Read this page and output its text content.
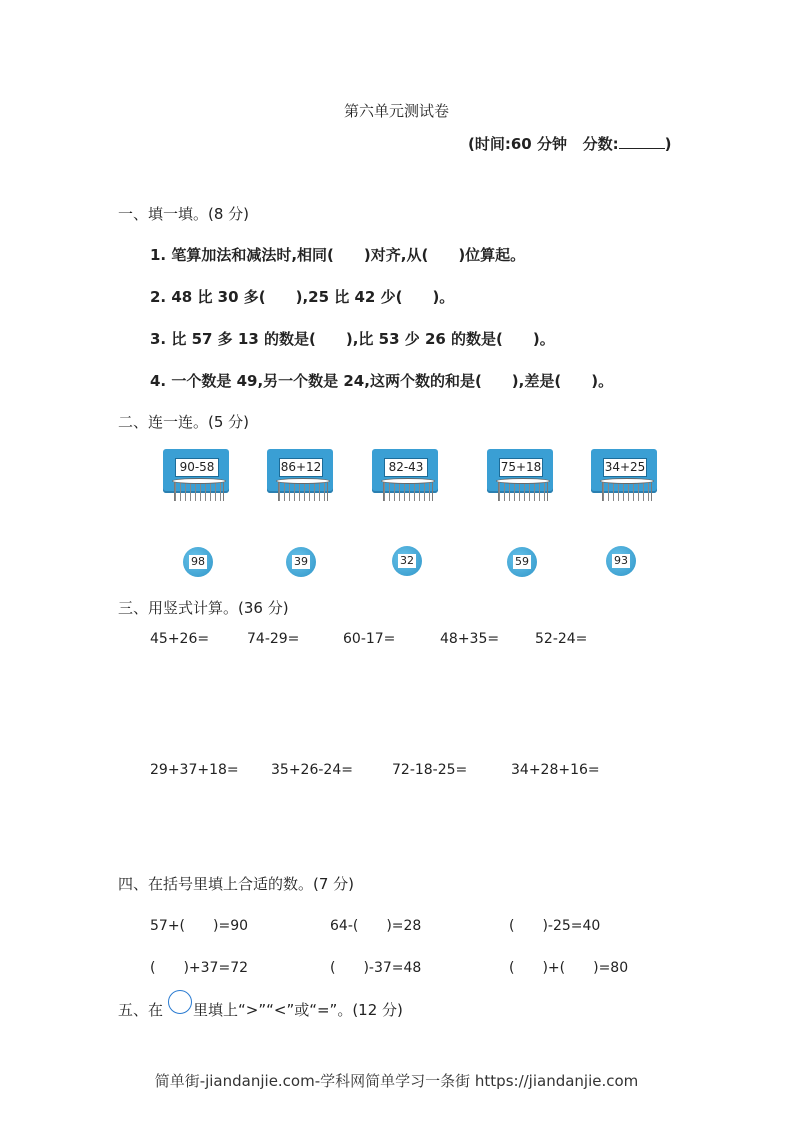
第六单元测试卷
(时间:60 分钟 分数:	)
一、填一填。(8 分)
1. 笔算加法和减法时,相同(　　)对齐,从(　　)位算起。
2. 48 比 30 多(　　),25 比 42 少(　　)。
3. 比 57 多 13 的数是(　　),比 53 少 26 的数是(　　)。
4. 一个数是 49,另一个数是 24,这两个数的和是(　　),差是(　　)。
二、连一连。(5 分)
90-58	86+12	82-43	75+18	34+25
98	39	32	59	93
三、用竖式计算。(36 分)
45+26=	74-29=	60-17=	48+35=	52-24=
29+37+18= 35+26-24=	72-18-25=	34+28+16=
四、在括号里填上合适的数。(7 分)
57+(　　)=90	64-(　　)=28	(　　)-25=40
(　　)+37=72	(　　)-37=48	(　　)+(　　)=80
五、在 里填上“>”“<”或“=”。(12 分)
简单街-jiandanjie.com-学科网简单学习一条街 https://jiandanjie.com
